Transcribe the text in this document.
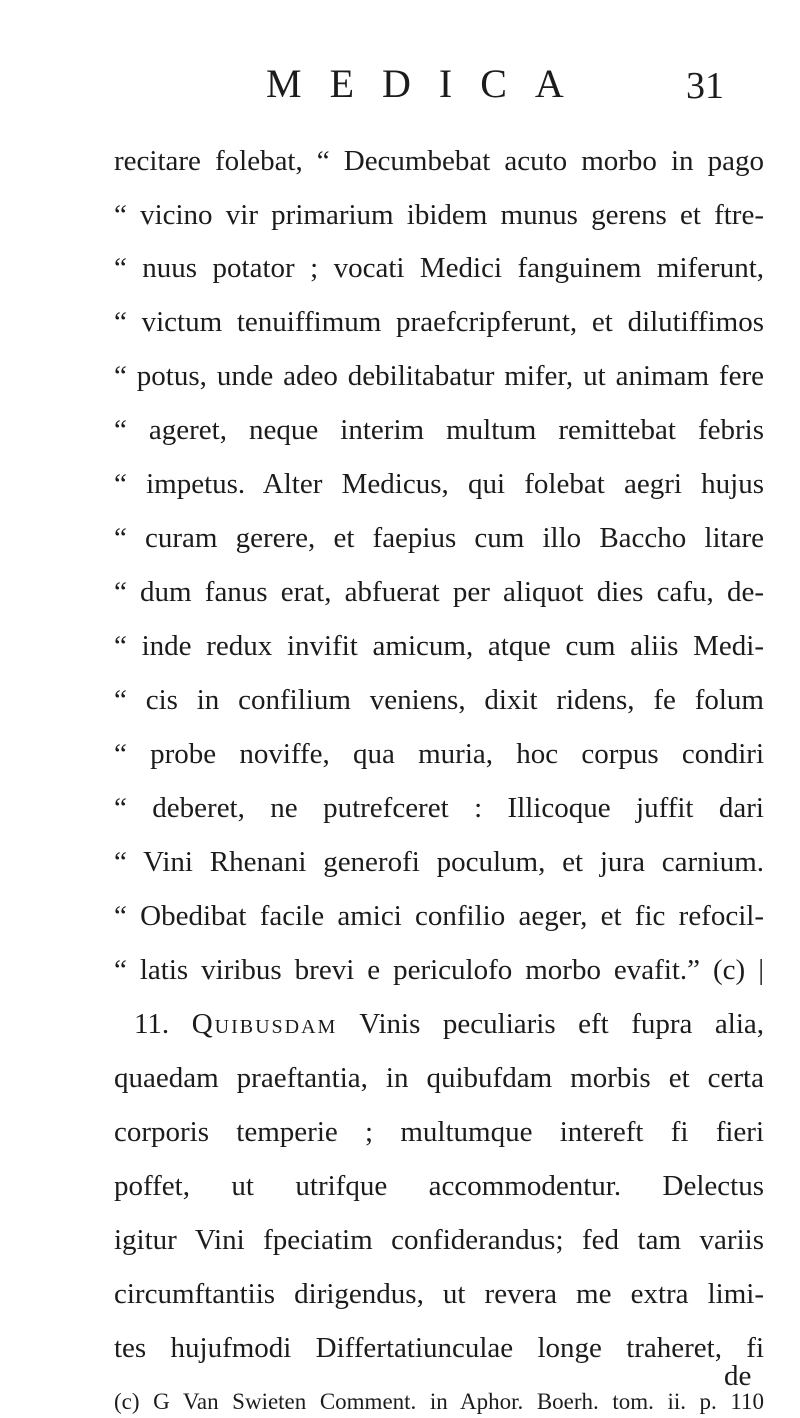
MEDICA 31
recitare folebat, “ Decumbebat acuto morbo in pago
“ vicino vir primarium ibidem munus gerens et ftre-
“ nuus potator ; vocati Medici fanguinem miferunt,
“ victum tenuiffimum praefcripferunt, et dilutiffimos
“ potus, unde adeo debilitabatur mifer, ut animam fere
“ ageret, neque interim multum remittebat febris
“ impetus. Alter Medicus, qui folebat aegri hujus
“ curam gerere, et faepius cum illo Baccho litare
“ dum fanus erat, abfuerat per aliquot dies cafu, de-
“ inde redux invifit amicum, atque cum aliis Medi-
“ cis in confilium veniens, dixit ridens, fe folum
“ probe noviffe, qua muria, hoc corpus condiri
“ deberet, ne putrefceret : Illicoque juffit dari
“ Vini Rhenani generofi poculum, et jura carnium.
“ Obedibat facile amici confilio aeger, et fic refocil-
“ latis viribus brevi e periculofo morbo evafit.” (c) |
11. Quibusdam Vinis peculiaris eft fupra alia,
quaedam praeftantia, in quibufdam morbis et certa
corporis temperie ; multumque intereft fi fieri
poffet, ut utrifque accommodentur. Delectus
igitur Vini fpeciatim confiderandus; fed tam variis
circumftantiis dirigendus, ut revera me extra limi-
tes hujufmodi Differtatiunculae longe traheret, fi
de
(c) G Van Swieten Comment. in Aphor. Boerh. tom. ii. p. 110
